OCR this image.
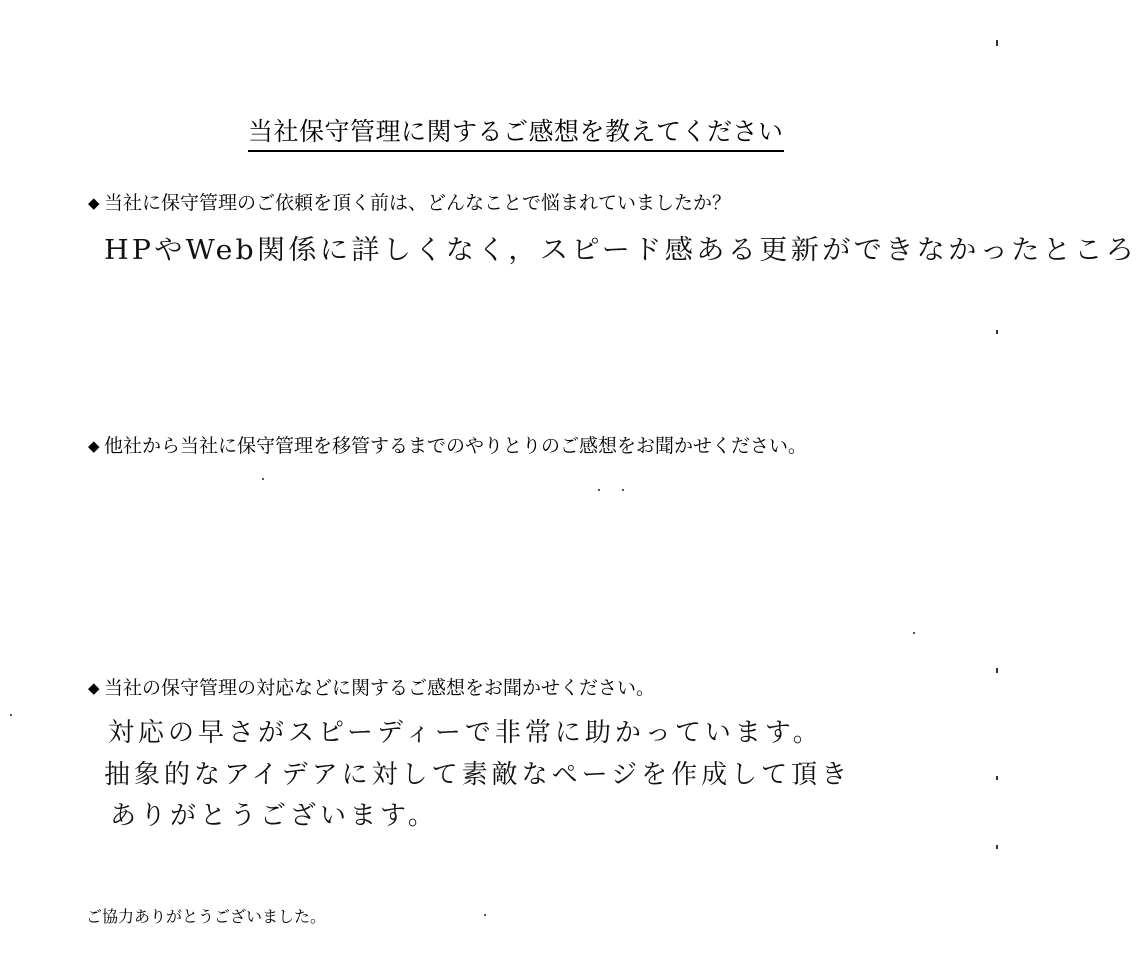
当社保守管理に関するご感想を教えてください
◆ 当社に保守管理のご依頼を頂く前は、どんなことで悩まれていましたか？
HPやWeb関係に詳しくなく，スピード感ある更新ができなかったところ
◆ 他社から当社に保守管理を移管するまでのやりとりのご感想をお聞かせください。
◆ 当社の保守管理の対応などに関するご感想をお聞かせください。
対応の早さがスピーディーで非常に助かっています。
抽象的なアイデアに対して素敵なページを作成して頂き
ありがとうございます。
ご協力ありがとうございました。
